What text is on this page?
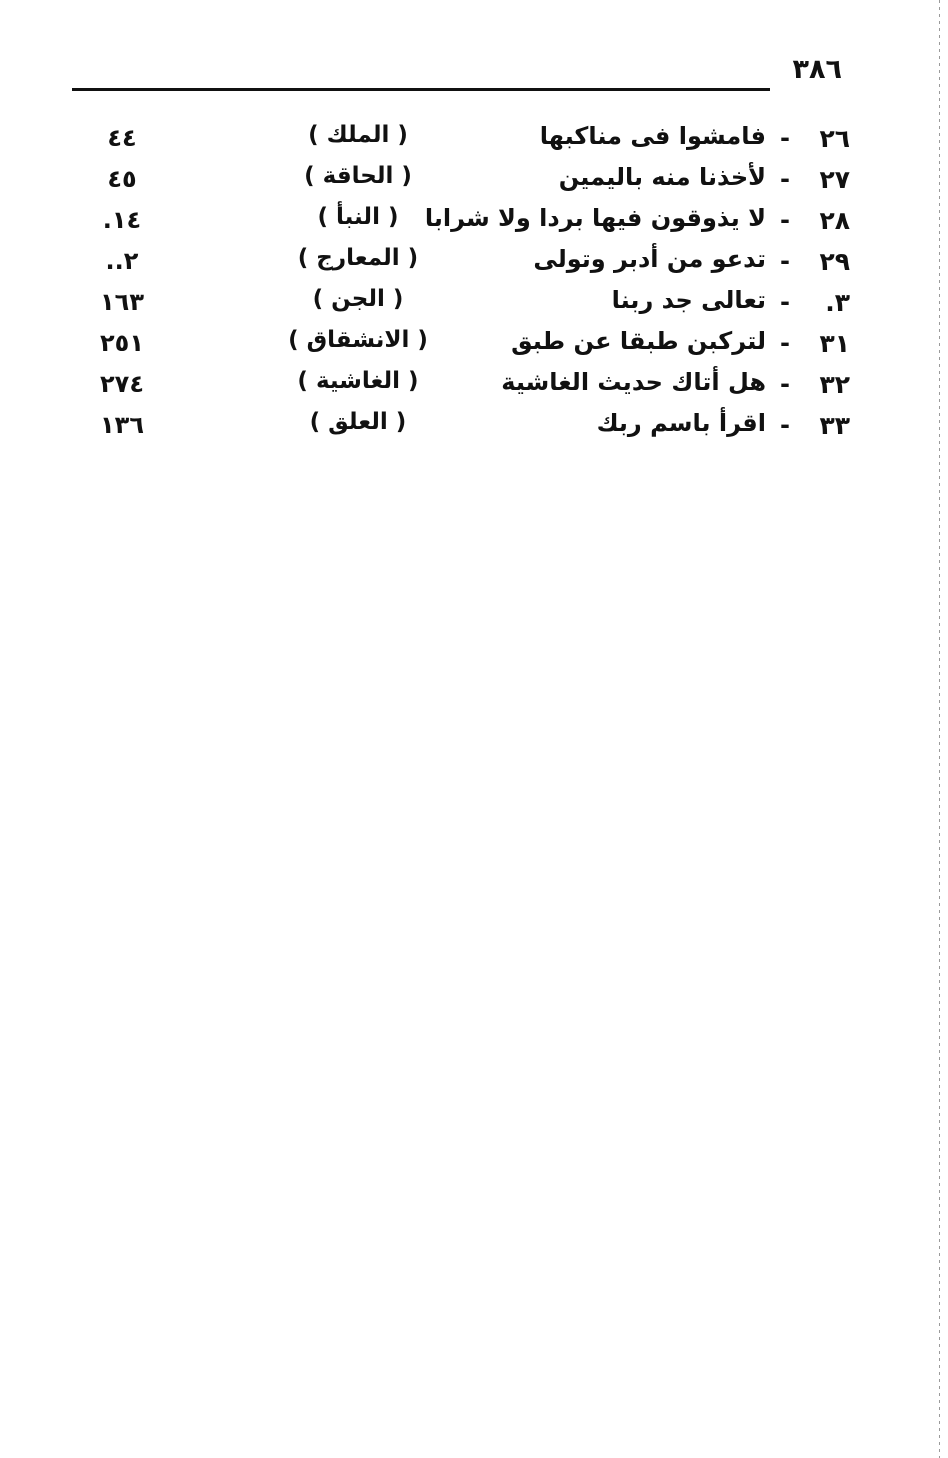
٣٨٦
٢٦
-
فامشوا فى مناكبها
( الملك )
٤٤
٢٧
-
لأخذنا منه باليمين
( الحاقة )
٤٥
٢٨
-
لا يذوقون فيها بردا ولا شرابا
( النبأ )
١٤.
٢٩
-
تدعو من أدبر وتولى
( المعارج )
٢..
٣.
-
تعالى جد ربنا
( الجن )
١٦٣
٣١
-
لتركبن طبقا عن طبق
( الانشقاق )
٢٥١
٣٢
-
هل أتاك حديث الغاشية
( الغاشية )
٢٧٤
٣٣
-
اقرأ باسم ربك
( العلق )
١٣٦
